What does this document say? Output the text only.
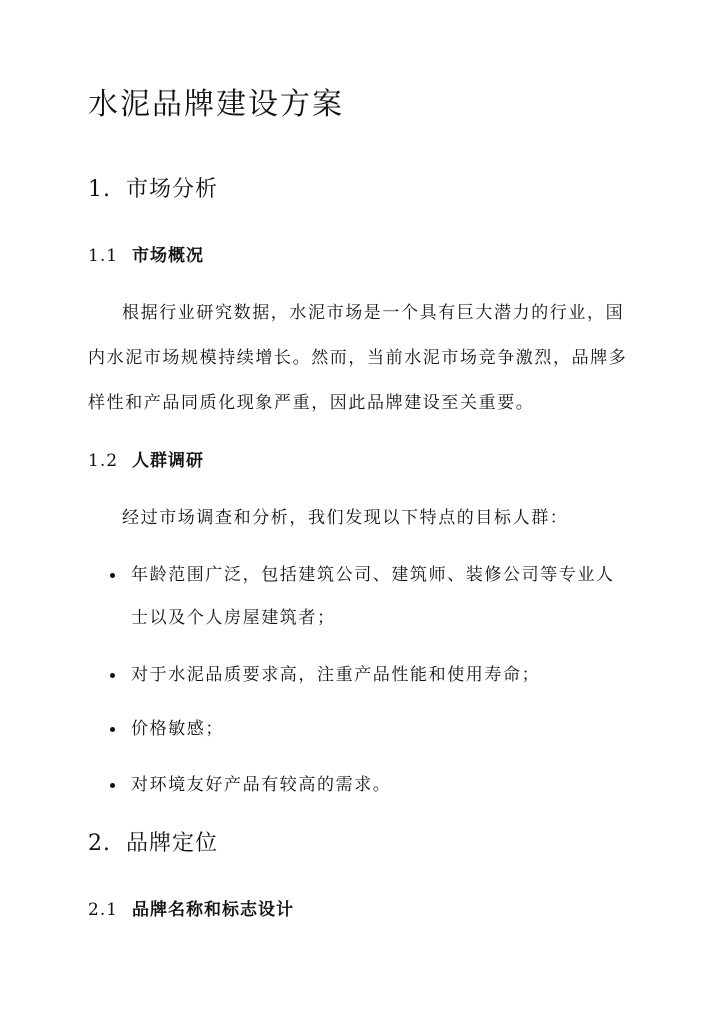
水泥品牌建设方案
1. 市场分析
1.1 市场概况

根据行业研究数据，水泥市场是一个具有巨大潜力的行业，国

内水泥市场规模持续增长。然而，当前水泥市场竞争激烈，品牌多

样性和产品同质化现象严重，因此品牌建设至关重要。

1.2 人群调研

经过市场调查和分析，我们发现以下特点的目标人群：

年龄范围广泛，包括建筑公司、建筑师、装修公司等专业人

士以及个人房屋建筑者；

对于水泥品质要求高，注重产品性能和使用寿命；

价格敏感；

对环境友好产品有较高的需求。

2. 品牌定位
2.1 品牌名称和标志设计
